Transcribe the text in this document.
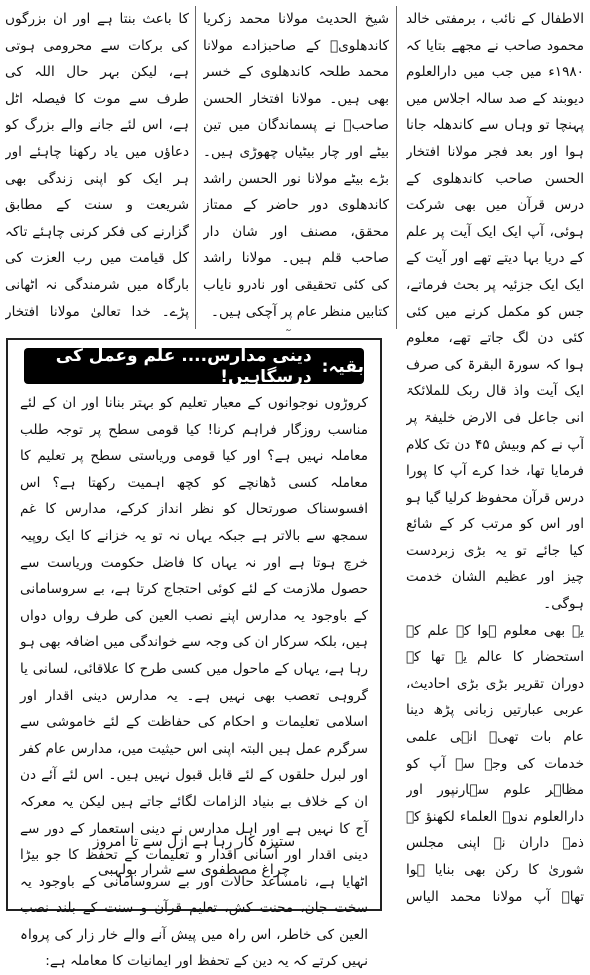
الاطفال کے نائب ، برمفتی خالد محمود صاحب نے مجھے بتایا کہ ۱۹۸۰ء میں جب میں دارالعلوم دیوبند کے صد سالہ اجلاس میں پہنچا تو وہاں سے کاندھلہ جانا ہوا اور بعد فجر مولانا افتخار الحسن صاحب کاندھلوی کے درس قرآن میں بھی شرکت ہوئی، آپ ایک ایک آیت پر علم کے دریا بہا دیتے تھے اور آیت کے ایک ایک جزئیہ پر بحث فرماتے، جس کو مکمل کرنے میں کئی کئی دن لگ جاتے تھے، معلوم ہوا کہ سورۃ البقرۃ کی صرف ایک آیت واذ قال ربک للملائکۃ انی جاعل فی الارض خلیفۃ پر آپ نے کم وبیش ۴۵ دن تک کلام فرمایا تھا، خدا کرے آپ کا پورا درس قرآن محفوظ کرلیا گیا ہو اور اس کو مرتب کر کے شائع کیا جائے تو یہ بڑی زبردست چیز اور عظیم الشان خدمت ہوگی۔

یہ بھی معلوم ہوا کہ علم کے استحضار کا عالم یہ تھا کہ دوران تقریر بڑی بڑی احادیث، عربی عبارتیں زبانی پڑھ دینا عام بات تھی۔ انہی علمی خدمات کی وجہ سے آپ کو مظاہر علوم سہارنپور اور دارالعلوم ندوۃ العلماء لکھنؤ کے ذمہ داران نے اپنی مجلس شوریٰ کا رکن بھی بنایا ہوا تھا۔ آپ مولانا محمد الیاس

شیخ الحدیث مولانا محمد زکریا کاندھلویؒ کے صاحبزادے مولانا محمد طلحہ کاندھلوی کے خسر بھی ہیں۔ مولانا افتخار الحسن صاحبؒ نے پسماندگان میں تین بیٹے اور چار بیٹیاں چھوڑی ہیں۔ بڑے بیٹے مولانا نور الحسن راشد کاندھلوی دور حاضر کے ممتاز محقق، مصنف اور شان دار صاحب قلم ہیں۔ مولانا راشد کی کئی تحقیقی اور نادرو نایاب کتابیں منظر عام پر آچکی ہیں۔

کا باعث بنتا ہے اور ان بزرگوں کی برکات سے محرومی ہوتی ہے، لیکن بہر حال اللہ کی طرف سے موت کا فیصلہ اٹل ہے، اس لئے جانے والے بزرگ کو دعاؤں میں یاد رکھنا چاہئے اور ہر ایک کو اپنی زندگی بھی شریعت و سنت کے مطابق گزارنے کی فکر کرنی چاہئے تاکہ کل قیامت میں رب العزت کی بارگاہ میں شرمندگی نہ اٹھانی پڑے۔ خدا تعالیٰ مولانا افتخار

بقیہ:
دینی مدارس.... علم وعمل کی درسگاہیں!

کروڑوں نوجوانوں کے معیار تعلیم کو بہتر بنانا اور ان کے لئے مناسب روزگار فراہم کرنا! کیا قومی سطح پر توجہ طلب معاملہ نہیں ہے؟ اور کیا قومی وریاستی سطح پر تعلیم کا معاملہ کسی ڈھانچے کو کچھ اہمیت رکھتا ہے؟ اس افسوسناک صورتحال کو نظر انداز کرکے، مدارس کا غم سمجھ سے بالاتر ہے جبکہ یہاں نہ تو یہ خزانے کا ایک روپیہ خرچ ہوتا ہے اور نہ یہاں کا فاضل حکومت وریاست سے حصول ملازمت کے لئے کوئی احتجاج کرتا ہے، بے سروسامانی کے باوجود یہ مدارس اپنے نصب العین کی طرف رواں دواں ہیں، بلکہ سرکار ان کی وجہ سے خواندگی میں اضافہ بھی ہو رہا ہے، یہاں کے ماحول میں کسی طرح کا علاقائی، لسانی یا گروہی تعصب بھی نہیں ہے۔ یہ مدارس دینی اقدار اور اسلامی تعلیمات و احکام کی حفاظت کے لئے خاموشی سے سرگرم عمل ہیں البتہ اپنی اس حیثیت میں، مدارس عام کفر اور لبرل حلقوں کے لئے قابل قبول نہیں ہیں۔ اس لئے آئے دن ان کے خلاف بے بنیاد الزامات لگائے جاتے ہیں لیکن یہ معرکہ آج کا نہیں ہے اور اہل مدارس نے دینی استعمار کے دور سے دینی اقدار اور آسانی اقدار و تعلیمات کے تحفظ کا جو بیڑا اٹھایا ہے، نامساعد حالات اور بے سروسامانی کے باوجود یہ سخت جان، محنت کش، تعلیم قرآن و سنت کے بلند نصب العین کی خاطر، اس راہ میں پیش آنے والے خار زار کی پرواہ نہیں کرتے کہ یہ دین کے تحفظ اور ایمانیات کا معاملہ ہے:

ستیزہ کار رہا ہے ازل سے تا امروز

چراغ مصطفوی سے شرار بولہبی
